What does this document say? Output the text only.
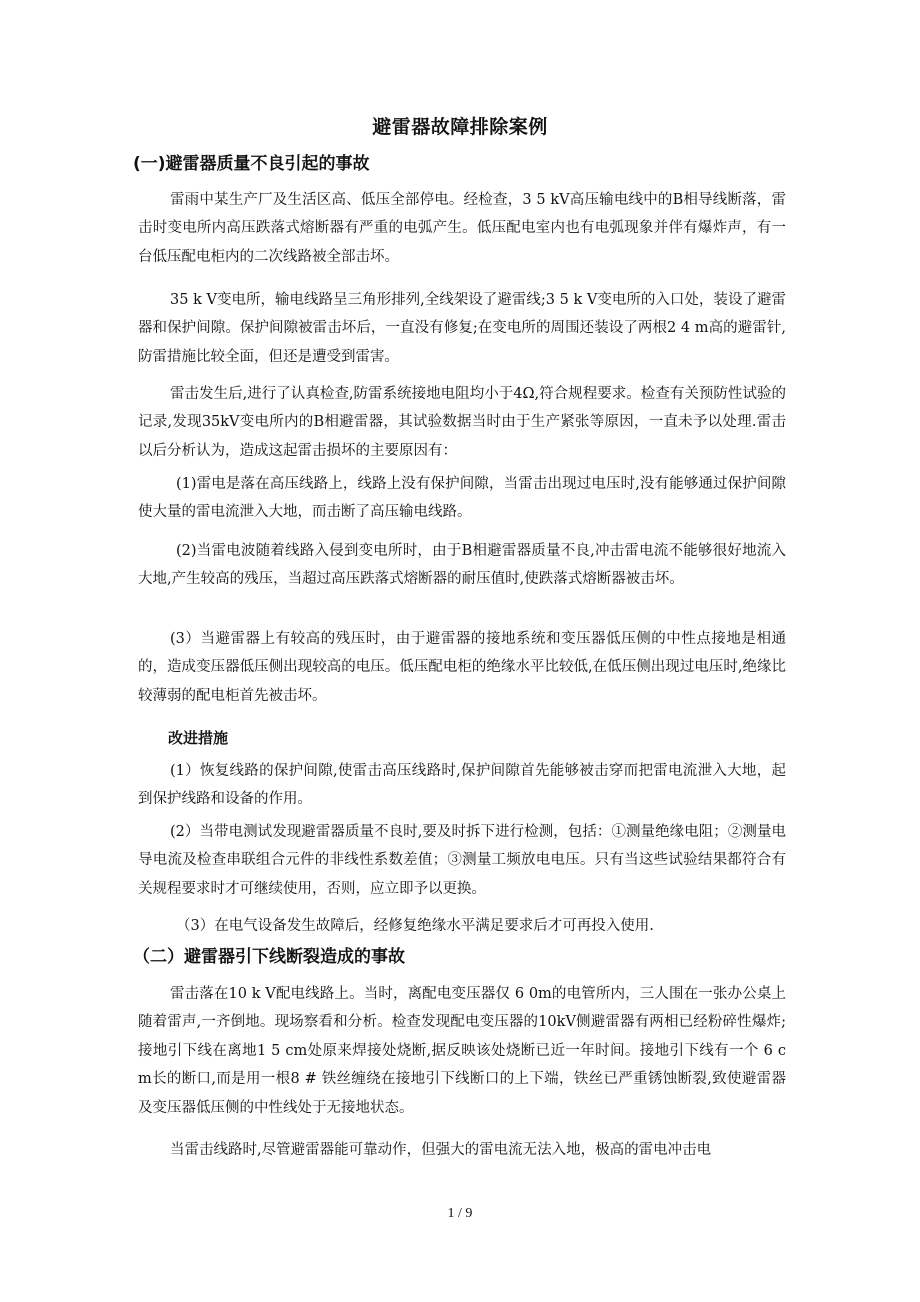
避雷器故障排除案例
(一)避雷器质量不良引起的事故
雷雨中某生产厂及生活区高、低压全部停电。经检查，3 5 kV高压输电线中的B相导线断落，雷击时变电所内高压跌落式熔断器有严重的电弧产生。低压配电室内也有电弧现象并伴有爆炸声，有一台低压配电柜内的二次线路被全部击坏。
35 k V变电所，输电线路呈三角形排列,全线架设了避雷线;3 5 k V变电所的入口处，装设了避雷器和保护间隙。保护间隙被雷击坏后，一直没有修复;在变电所的周围还装设了两根2 4 m高的避雷针,防雷措施比较全面，但还是遭受到雷害。
雷击发生后,进行了认真检查,防雷系统接地电阻均小于4Ω,符合规程要求。检查有关预防性试验的记录,发现35kV变电所内的B相避雷器，其试验数据当时由于生产紧张等原因，一直未予以处理.雷击以后分析认为，造成这起雷击损坏的主要原因有：
(1)雷电是落在高压线路上，线路上没有保护间隙，当雷击出现过电压时,没有能够通过保护间隙使大量的雷电流泄入大地，而击断了高压输电线路。
(2)当雷电波随着线路入侵到变电所时，由于B相避雷器质量不良,冲击雷电流不能够很好地流入大地,产生较高的残压，当超过高压跌落式熔断器的耐压值时,使跌落式熔断器被击坏。
(3）当避雷器上有较高的残压时，由于避雷器的接地系统和变压器低压侧的中性点接地是相通的，造成变压器低压侧出现较高的电压。低压配电柜的绝缘水平比较低,在低压侧出现过电压时,绝缘比较薄弱的配电柜首先被击坏。
改进措施
(1）恢复线路的保护间隙,使雷击高压线路时,保护间隙首先能够被击穿而把雷电流泄入大地，起到保护线路和设备的作用。
(2）当带电测试发现避雷器质量不良时,要及时拆下进行检测，包括：①测量绝缘电阻；②测量电导电流及检查串联组合元件的非线性系数差值；③测量工频放电电压。只有当这些试验结果都符合有关规程要求时才可继续使用，否则，应立即予以更换。
（3）在电气设备发生故障后，经修复绝缘水平满足要求后才可再投入使用.
（二）避雷器引下线断裂造成的事故
雷击落在10 k V配电线路上。当时，离配电变压器仅 6 0m的电管所内，三人围在一张办公桌上随着雷声,一齐倒地。现场察看和分析。检查发现配电变压器的10kV侧避雷器有两相已经粉碎性爆炸;接地引下线在离地1 5 cm处原来焊接处烧断,据反映该处烧断已近一年时间。接地引下线有一个 6 c m长的断口,而是用一根8 # 铁丝缠绕在接地引下线断口的上下端，铁丝已严重锈蚀断裂,致使避雷器及变压器低压侧的中性线处于无接地状态。
当雷击线路时,尽管避雷器能可靠动作，但强大的雷电流无法入地，极高的雷电冲击电
1 / 9
